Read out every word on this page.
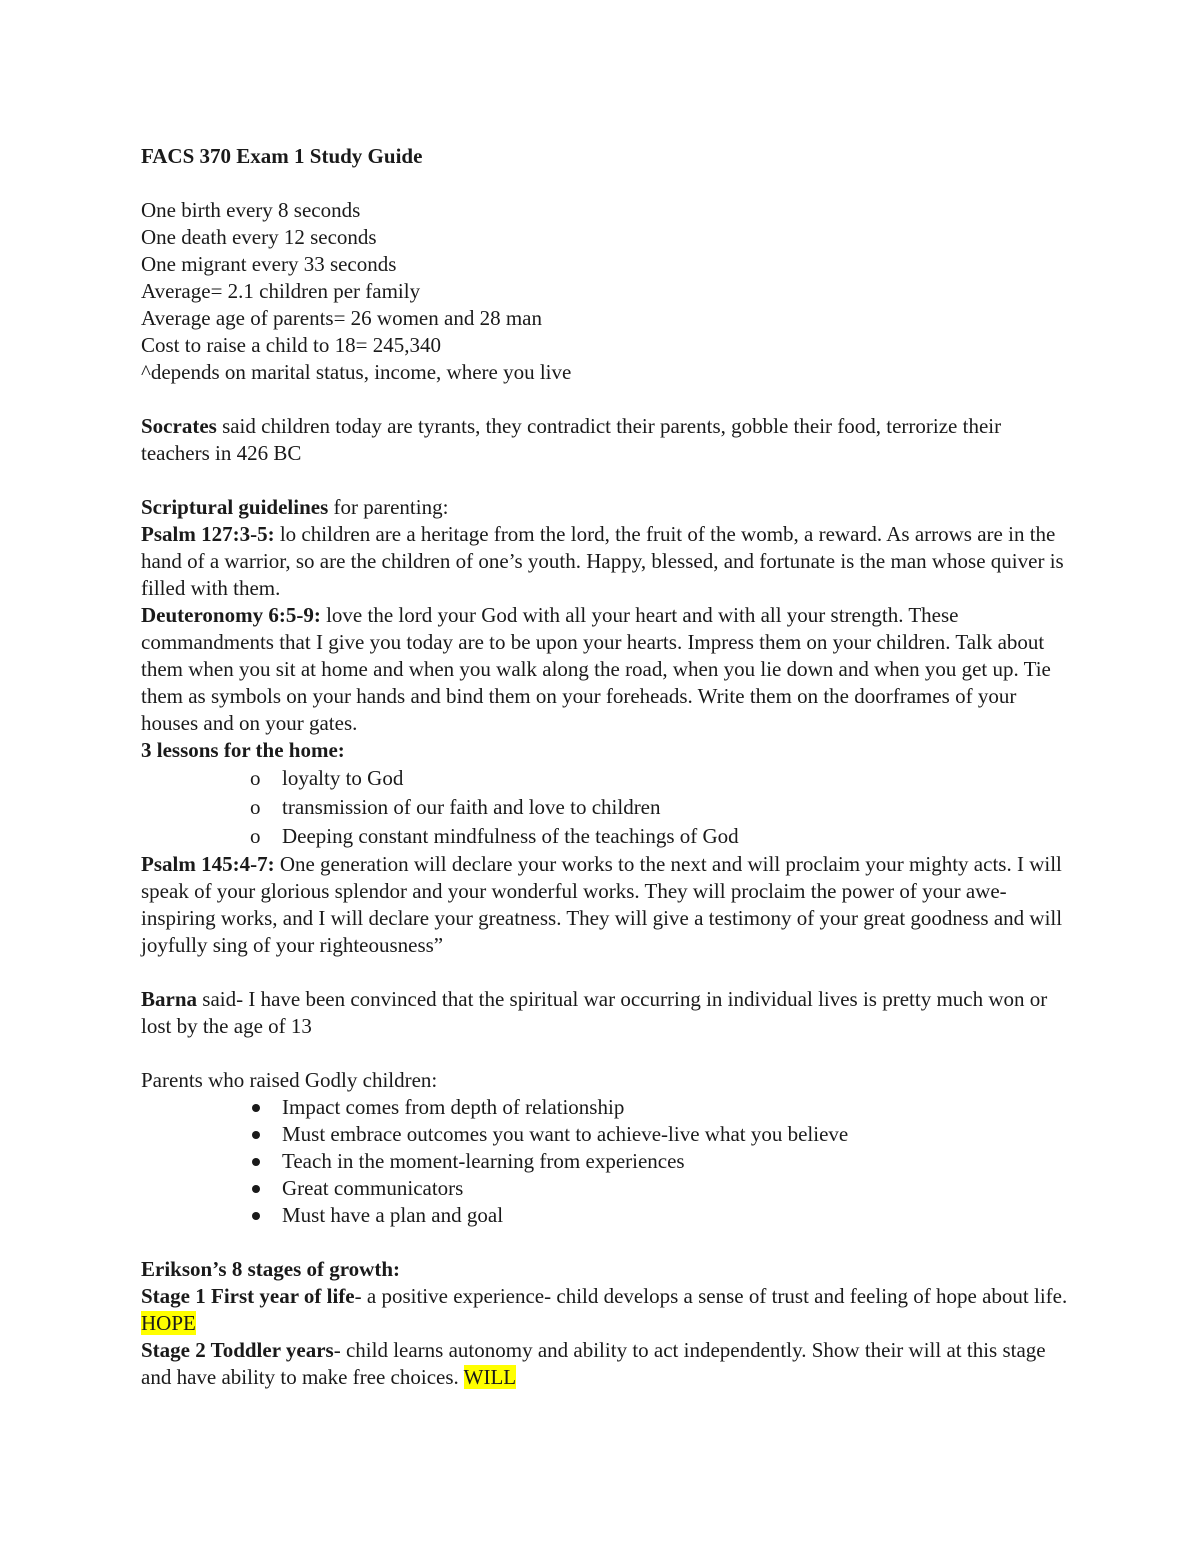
FACS 370 Exam 1 Study Guide

One birth every 8 seconds

One death every 12 seconds

One migrant every 33 seconds

Average= 2.1 children per family

Average age of parents= 26 women and 28 man

Cost to raise a child to 18= 245,340

^depends on marital status, income, where you live

Socrates said children today are tyrants, they contradict their parents, gobble their food, terrorize their teachers in 426 BC

Scriptural guidelines for parenting:

Psalm 127:3-5: lo children are a heritage from the lord, the fruit of the womb, a reward. As arrows are in the hand of a warrior, so are the children of one’s youth. Happy, blessed, and fortunate is the man whose quiver is filled with them.

Deuteronomy 6:5-9: love the lord your God with all your heart and with all your strength. These commandments that I give you today are to be upon your hearts. Impress them on your children. Talk about them when you sit at home and when you walk along the road, when you lie down and when you get up. Tie them as symbols on your hands and bind them on your foreheads. Write them on the doorframes of your houses and on your gates.

3 lessons for the home:

o loyalty to God
o transmission of our faith and love to children
o Deeping constant mindfulness of the teachings of God

Psalm 145:4-7: One generation will declare your works to the next and will proclaim your mighty acts. I will speak of your glorious splendor and your wonderful works. They will proclaim the power of your awe-inspiring works, and I will declare your greatness. They will give a testimony of your great goodness and will joyfully sing of your righteousness”

Barna said- I have been convinced that the spiritual war occurring in individual lives is pretty much won or lost by the age of 13

Parents who raised Godly children:

Impact comes from depth of relationship
Must embrace outcomes you want to achieve-live what you believe
Teach in the moment-learning from experiences
Great communicators
Must have a plan and goal

Erikson’s 8 stages of growth:

Stage 1 First year of life- a positive experience- child develops a sense of trust and feeling of hope about life. HOPE

Stage 2 Toddler years- child learns autonomy and ability to act independently. Show their will at this stage and have ability to make free choices. WILL
